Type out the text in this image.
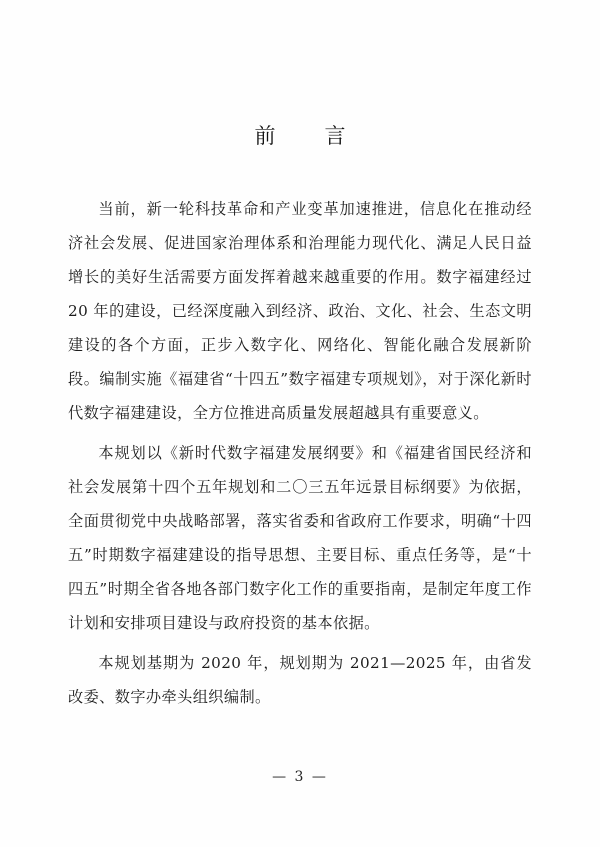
前　言

当前，新一轮科技革命和产业变革加速推进，信息化在推动经济社会发展、促进国家治理体系和治理能力现代化、满足人民日益增长的美好生活需要方面发挥着越来越重要的作用。数字福建经过 20 年的建设，已经深度融入到经济、政治、文化、社会、生态文明建设的各个方面，正步入数字化、网络化、智能化融合发展新阶段。编制实施《福建省“十四五”数字福建专项规划》，对于深化新时代数字福建建设，全方位推进高质量发展超越具有重要意义。

本规划以《新时代数字福建发展纲要》和《福建省国民经济和社会发展第十四个五年规划和二〇三五年远景目标纲要》为依据，全面贯彻党中央战略部署，落实省委和省政府工作要求，明确“十四五”时期数字福建建设的指导思想、主要目标、重点任务等，是“十四五”时期全省各地各部门数字化工作的重要指南，是制定年度工作计划和安排项目建设与政府投资的基本依据。

本规划基期为 2020 年，规划期为 2021—2025 年，由省发改委、数字办牵头组织编制。

— 3 —
